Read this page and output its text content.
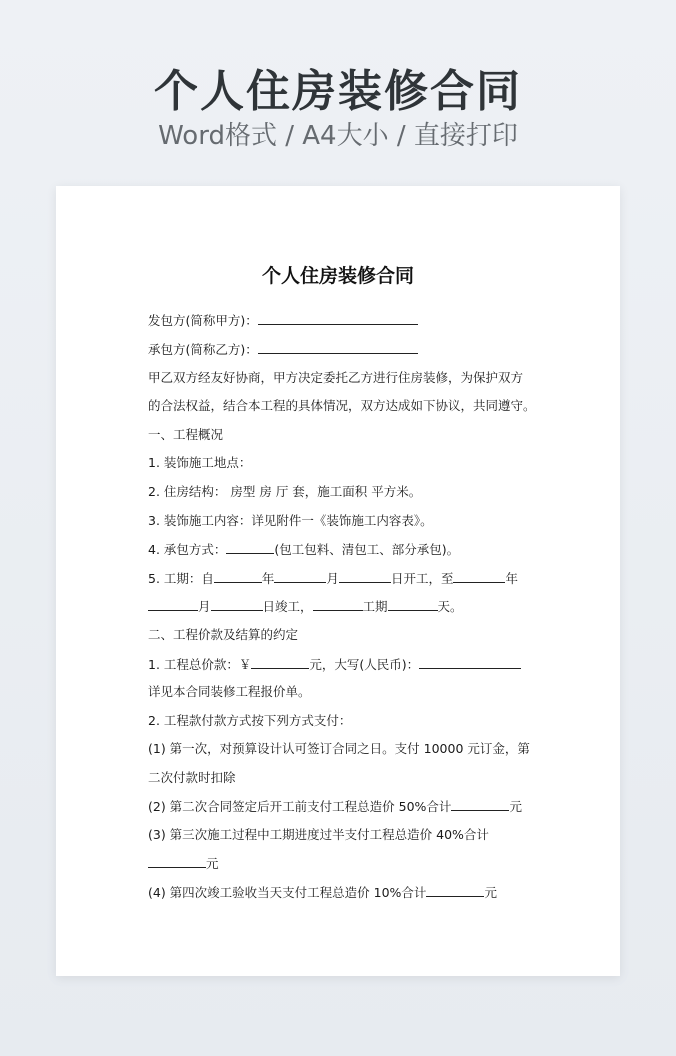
个人住房装修合同
Word格式 / A4大小 / 直接打印
个人住房装修合同
发包方(简称甲方)：
承包方(简称乙方)：
甲乙双方经友好协商，甲方决定委托乙方进行住房装修，为保护双方
的合法权益，结合本工程的具体情况，双方达成如下协议，共同遵守。
一、工程概况
1. 装饰施工地点：
2. 住房结构： 房型 房 厅 套，施工面积 平方米。
3. 装饰施工内容：详见附件一《装饰施工内容表》。
4. 承包方式：	(包工包料、清包工、部分承包)。
5. 工期：自	年	月	日开工，至	年
月	日竣工，	工期	天。
二、工程价款及结算的约定
1. 工程总价款：￥	元，大写(人民币)：
详见本合同装修工程报价单。
2. 工程款付款方式按下列方式支付：
(1) 第一次，对预算设计认可签订合同之日。支付 10000 元订金，第
二次付款时扣除
(2) 第二次合同签定后开工前支付工程总造价 50%合计	元
(3) 第三次施工过程中工期进度过半支付工程总造价 40%合计
元
(4) 第四次竣工验收当天支付工程总造价 10%合计	元
